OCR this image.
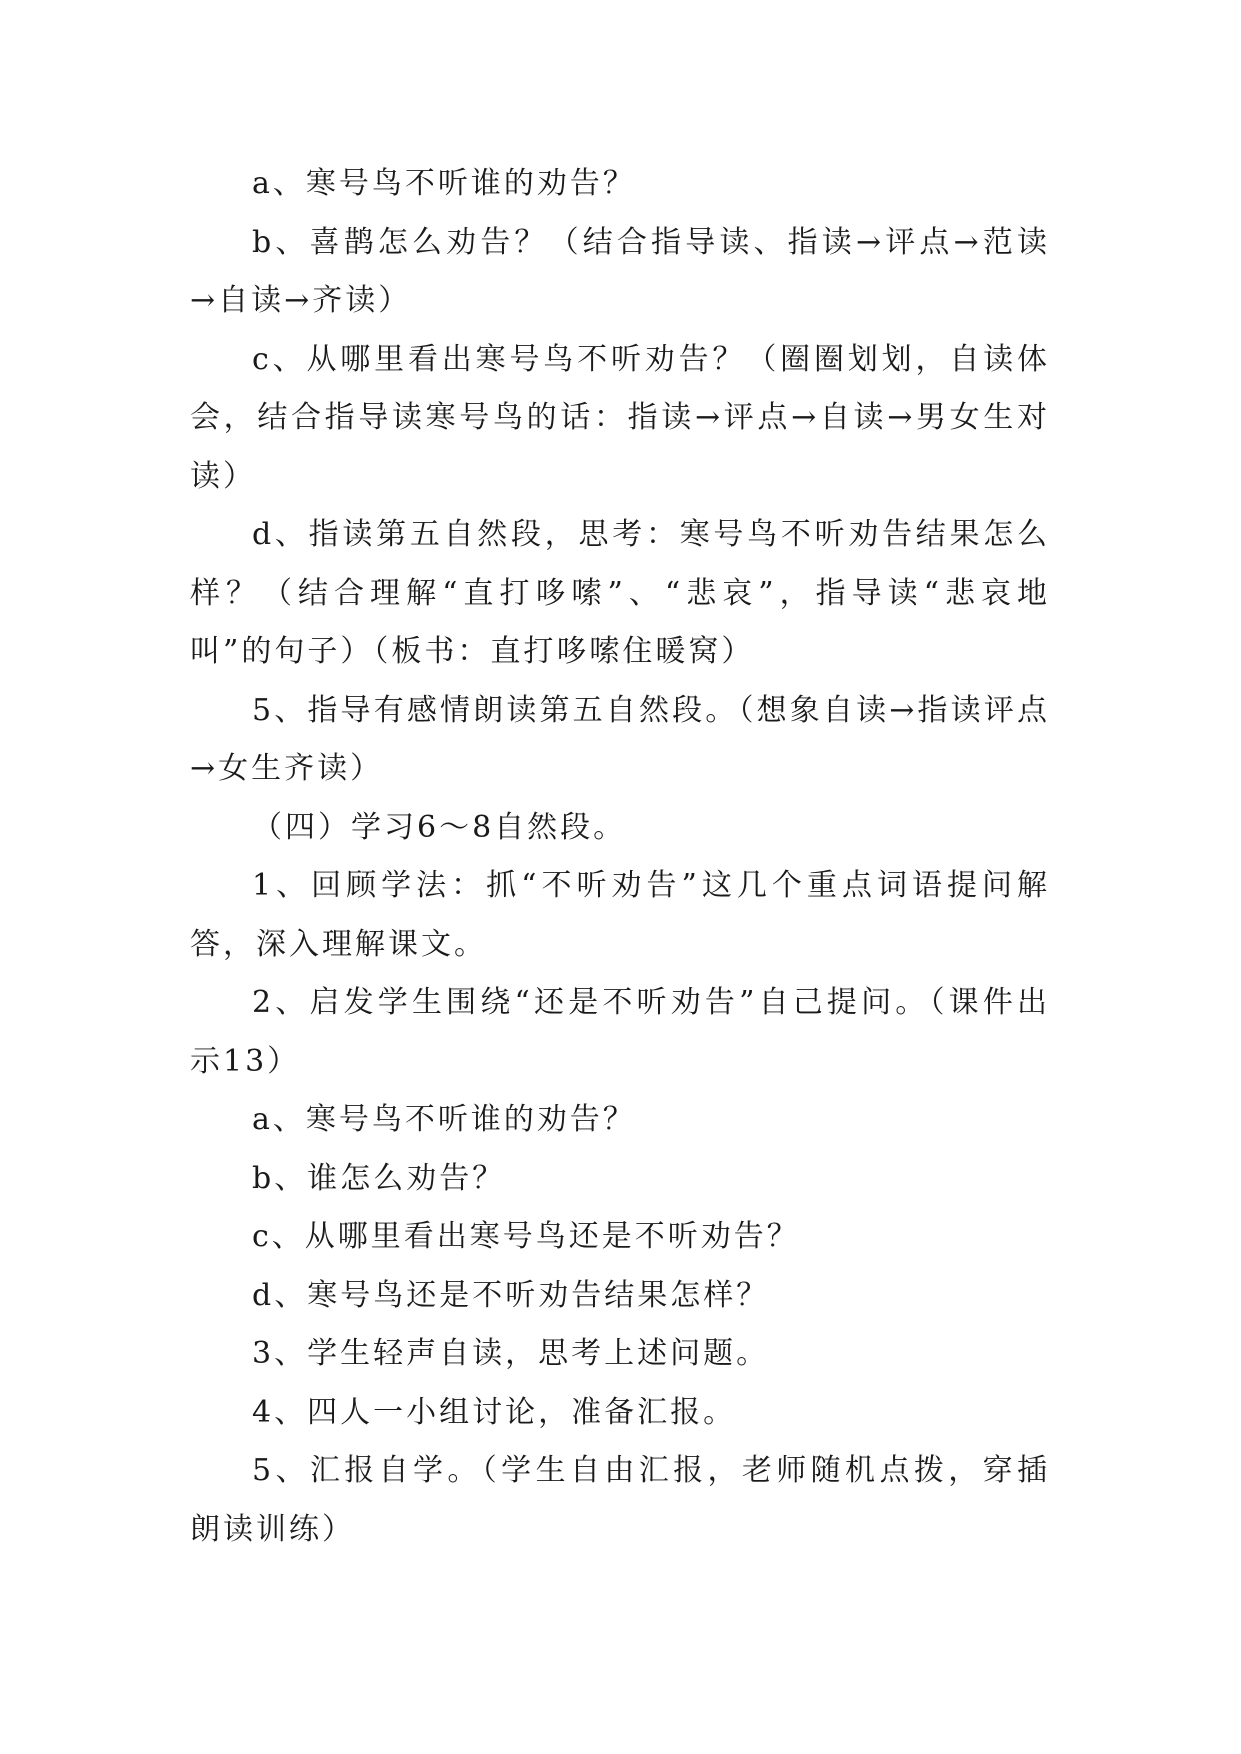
a、寒号鸟不听谁的劝告？

b、喜鹊怎么劝告？（结合指导读、指读→评点→范读→自读→齐读）

c、从哪里看出寒号鸟不听劝告？（圈圈划划，自读体会，结合指导读寒号鸟的话：指读→评点→自读→男女生对读）

d、指读第五自然段，思考：寒号鸟不听劝告结果怎么样？（结合理解“直打哆嗦”、“悲哀”，指导读“悲哀地叫”的句子）（板书：直打哆嗦住暖窝）

5、指导有感情朗读第五自然段。（想象自读→指读评点→女生齐读）

（四）学习6～8自然段。

1、回顾学法：抓“不听劝告”这几个重点词语提问解答，深入理解课文。

2、启发学生围绕“还是不听劝告”自己提问。（课件出示13）

a、寒号鸟不听谁的劝告？

b、谁怎么劝告？

c、从哪里看出寒号鸟还是不听劝告？

d、寒号鸟还是不听劝告结果怎样？

3、学生轻声自读，思考上述问题。

4、四人一小组讨论，准备汇报。

5、汇报自学。（学生自由汇报，老师随机点拨，穿插朗读训练）
